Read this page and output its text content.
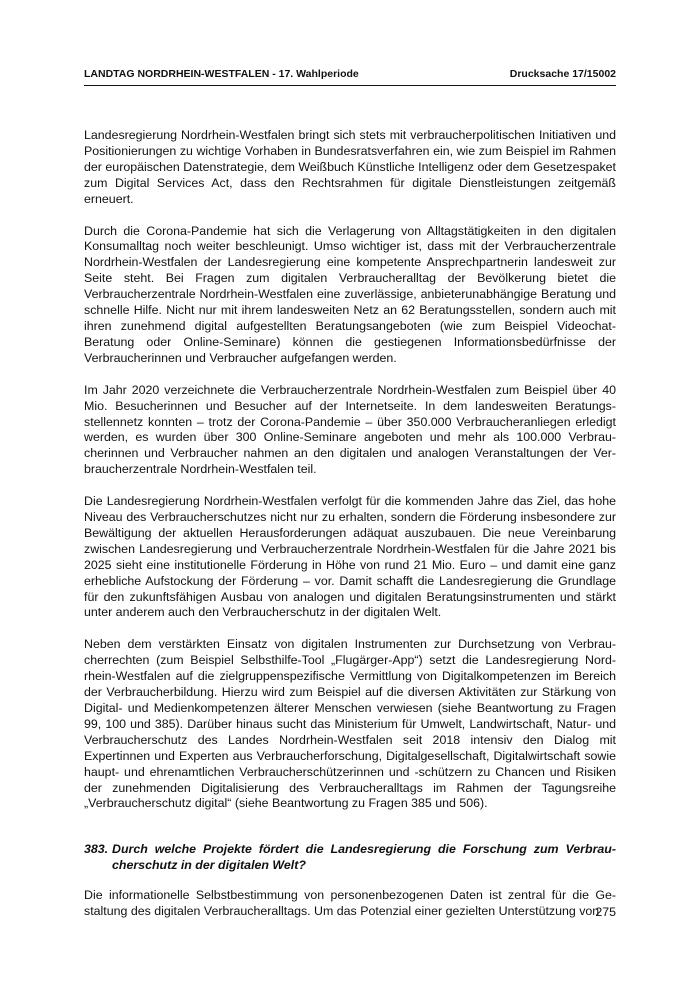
LANDTAG NORDRHEIN-WESTFALEN - 17. Wahlperiode	Drucksache 17/15002

Landesregierung Nordrhein-Westfalen bringt sich stets mit verbraucherpolitischen Initiativen und Positionierungen zu wichtige Vorhaben in Bundesratsverfahren ein, wie zum Beispiel im Rahmen der europäischen Datenstrategie, dem Weißbuch Künstliche Intelligenz oder dem Gesetzespaket zum Digital Services Act, dass den Rechtsrahmen für digitale Dienstleistungen zeitgemäß erneuert.

Durch die Corona-Pandemie hat sich die Verlagerung von Alltagstätigkeiten in den digitalen Konsumalltag noch weiter beschleunigt. Umso wichtiger ist, dass mit der Verbraucherzentrale Nordrhein-Westfalen der Landesregierung eine kompetente Ansprechpartnerin landesweit zur Seite steht. Bei Fragen zum digitalen Verbraucheralltag der Bevölkerung bietet die Verbraucherzentrale Nordrhein-Westfalen eine zuverlässige, anbieterunabhängige Beratung und schnelle Hilfe. Nicht nur mit ihrem landesweiten Netz an 62 Beratungsstellen, sondern auch mit ihren zunehmend digital aufgestellten Beratungsangeboten (wie zum Beispiel Videochat-Beratung oder Online-Seminare) können die gestiegenen Informationsbedürfnisse der Verbraucherinnen und Verbraucher aufgefangen werden.

Im Jahr 2020 verzeichnete die Verbraucherzentrale Nordrhein-Westfalen zum Beispiel über 40 Mio. Besucherinnen und Besucher auf der Internetseite. In dem landesweiten Beratungsstellennetz konnten – trotz der Corona-Pandemie – über 350.000 Verbraucheranliegen erledigt werden, es wurden über 300 Online-Seminare angeboten und mehr als 100.000 Verbraucherinnen und Verbraucher nahmen an den digitalen und analogen Veranstaltungen der Verbraucherzentrale Nordrhein-Westfalen teil.

Die Landesregierung Nordrhein-Westfalen verfolgt für die kommenden Jahre das Ziel, das hohe Niveau des Verbraucherschutzes nicht nur zu erhalten, sondern die Förderung insbesondere zur Bewältigung der aktuellen Herausforderungen adäquat auszubauen. Die neue Vereinbarung zwischen Landesregierung und Verbraucherzentrale Nordrhein-Westfalen für die Jahre 2021 bis 2025 sieht eine institutionelle Förderung in Höhe von rund 21 Mio. Euro – und damit eine ganz erhebliche Aufstockung der Förderung – vor. Damit schafft die Landesregierung die Grundlage für den zukunftsfähigen Ausbau von analogen und digitalen Beratungsinstrumenten und stärkt unter anderem auch den Verbraucherschutz in der digitalen Welt.

Neben dem verstärkten Einsatz von digitalen Instrumenten zur Durchsetzung von Verbraucherrechten (zum Beispiel Selbsthilfe-Tool „Flugärger-App“) setzt die Landesregierung Nordrhein-Westfalen auf die zielgruppenspezifische Vermittlung von Digitalkompetenzen im Bereich der Verbraucherbildung. Hierzu wird zum Beispiel auf die diversen Aktivitäten zur Stärkung von Digital- und Medienkompetenzen älterer Menschen verwiesen (siehe Beantwortung zu Fragen 99, 100 und 385). Darüber hinaus sucht das Ministerium für Umwelt, Landwirtschaft, Natur- und Verbraucherschutz des Landes Nordrhein-Westfalen seit 2018 intensiv den Dialog mit Expertinnen und Experten aus Verbraucherforschung, Digitalgesellschaft, Digitalwirtschaft sowie haupt- und ehrenamtlichen Verbraucherschützerinnen und -schützern zu Chancen und Risiken der zunehmenden Digitalisierung des Verbraucheralltags im Rahmen der Tagungsreihe „Verbraucherschutz digital“ (siehe Beantwortung zu Fragen 385 und 506).

383. Durch welche Projekte fördert die Landesregierung die Forschung zum Verbraucherschutz in der digitalen Welt?

Die informationelle Selbstbestimmung von personenbezogenen Daten ist zentral für die Gestaltung des digitalen Verbraucheralltags. Um das Potenzial einer gezielten Unterstützung von

275
